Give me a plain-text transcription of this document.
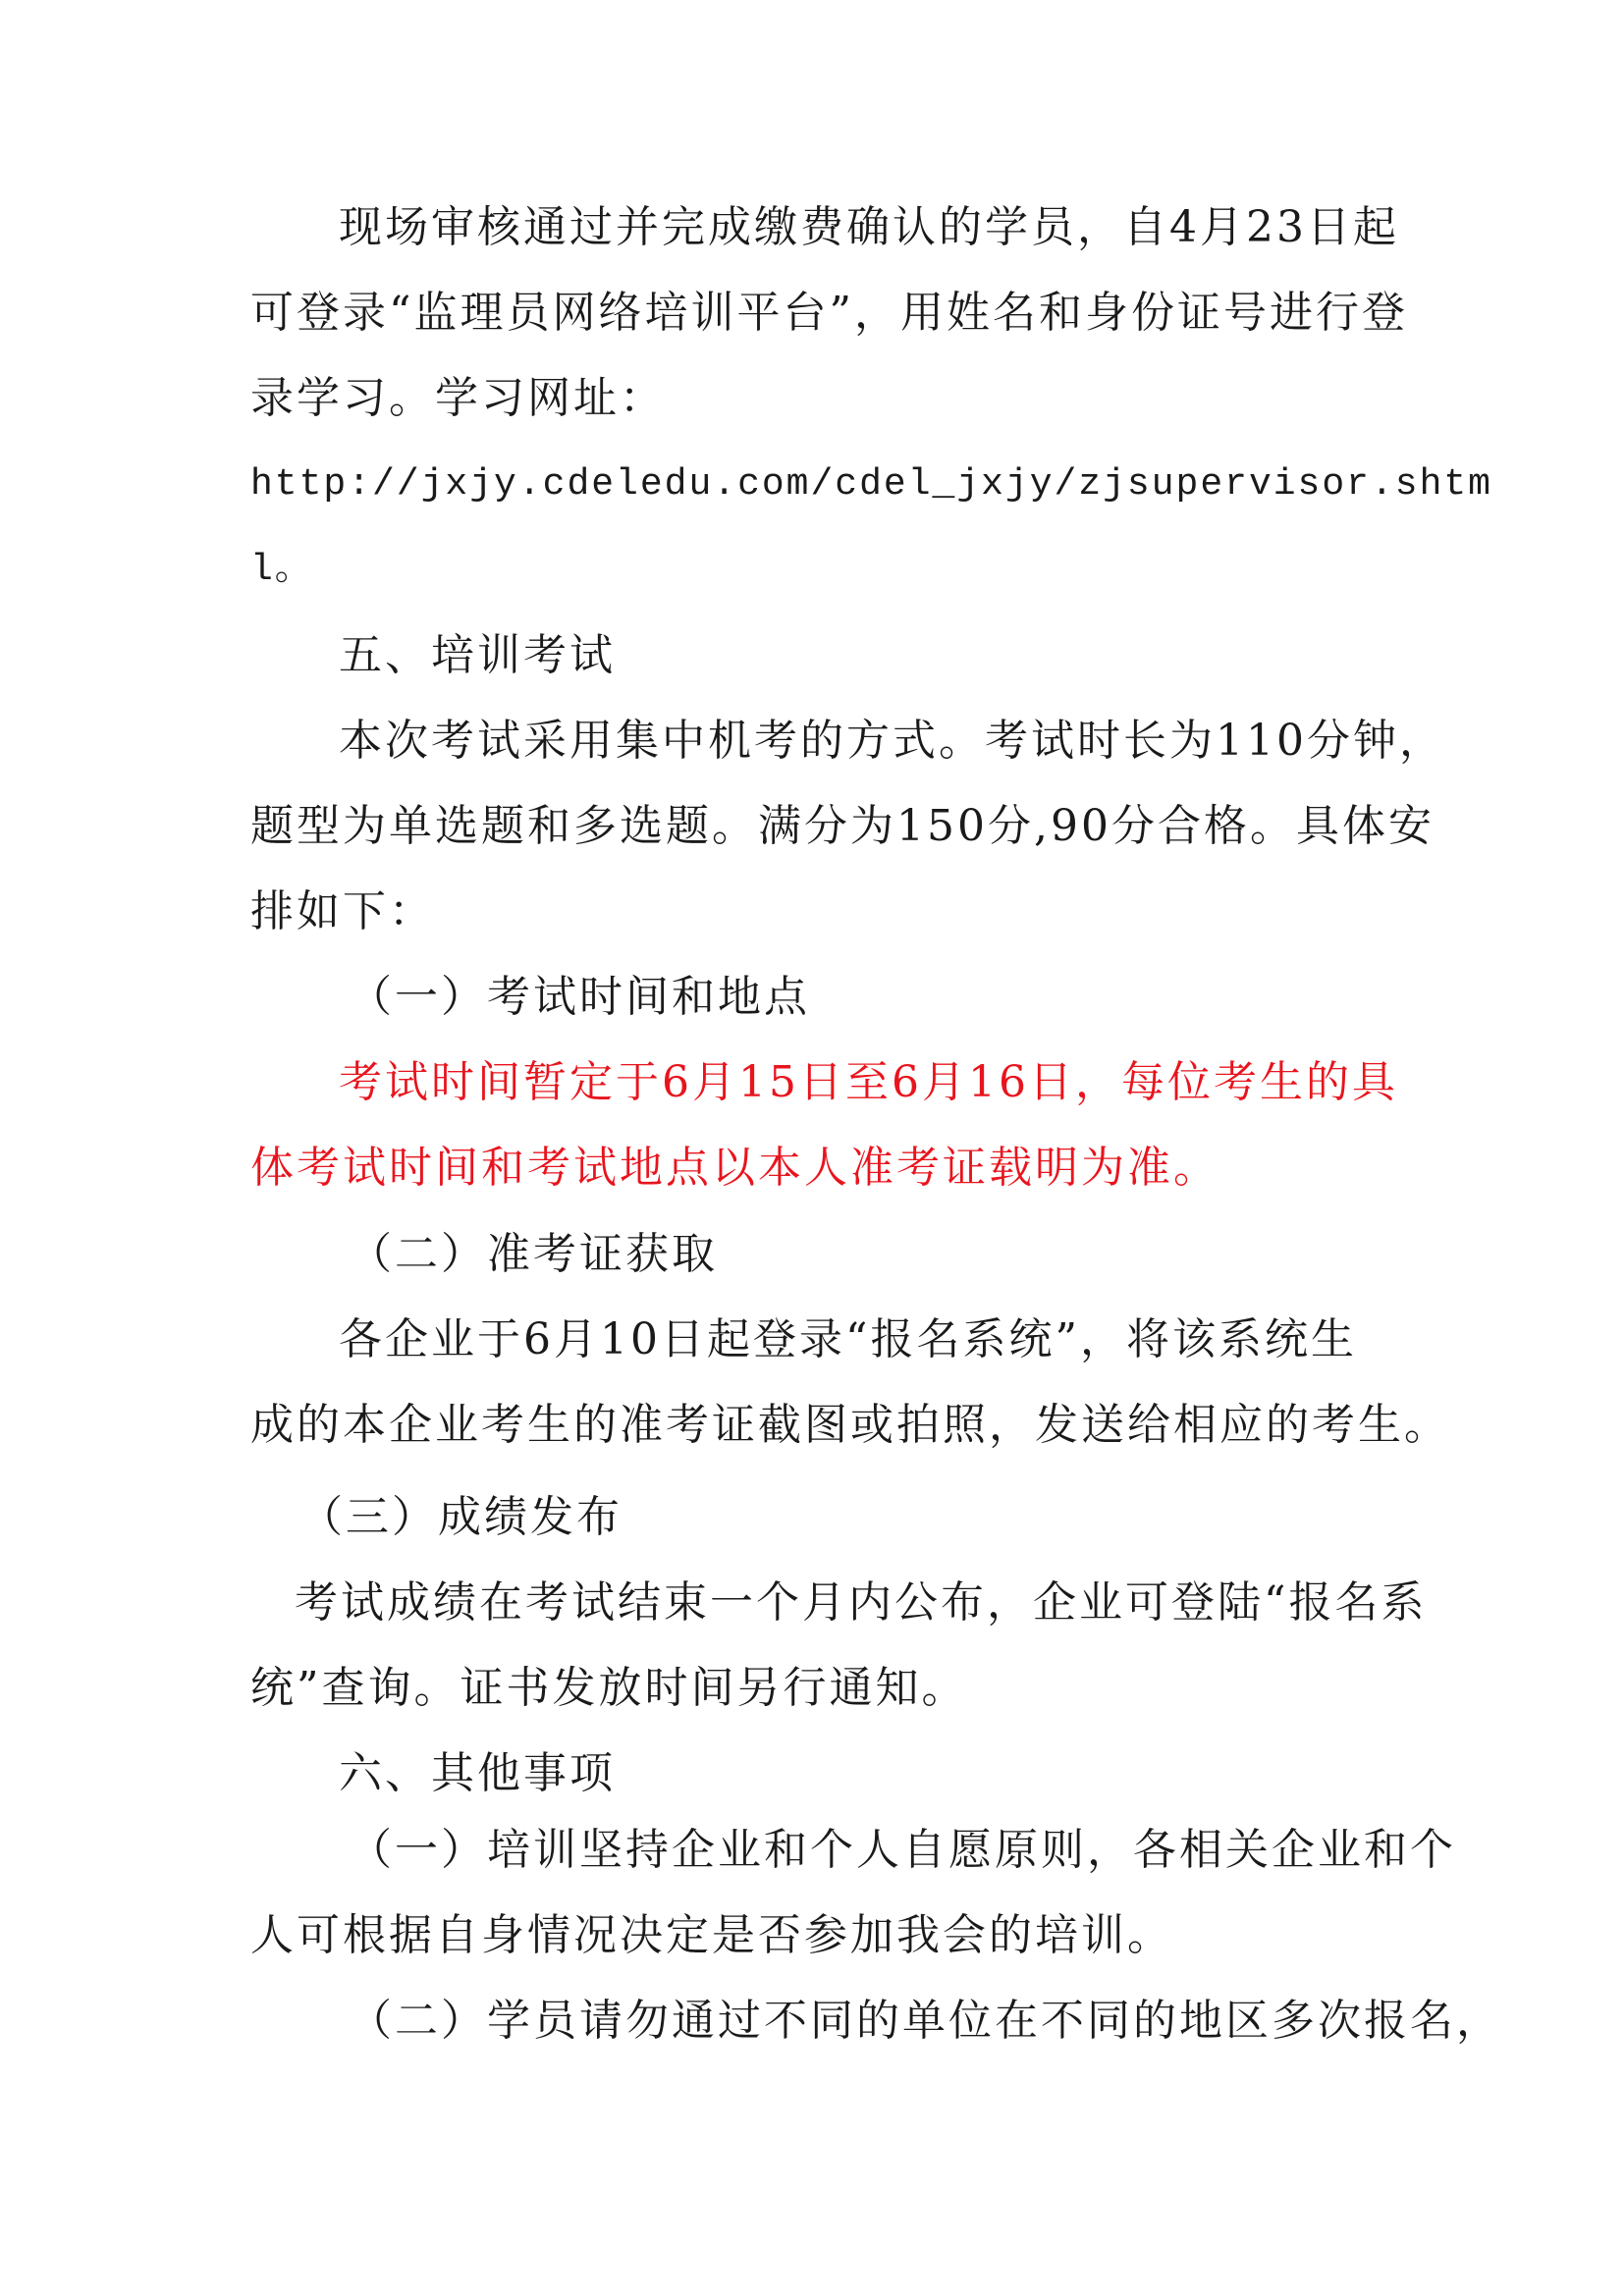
现场审核通过并完成缴费确认的学员，自4月23日起
可登录“监理员网络培训平台”，用姓名和身份证号进行登
录学习。学习网址：
http://jxjy.cdeledu.com/cdel_jxjy/zjsupervisor.shtm
l。
五、培训考试
本次考试采用集中机考的方式。考试时长为110分钟，
题型为单选题和多选题。满分为150分,90分合格。具体安
排如下：
（一）考试时间和地点
考试时间暂定于6月15日至6月16日，每位考生的具
体考试时间和考试地点以本人准考证载明为准。
（二）准考证获取
各企业于6月10日起登录“报名系统”，将该系统生
成的本企业考生的准考证截图或拍照，发送给相应的考生。
（三）成绩发布
考试成绩在考试结束一个月内公布，企业可登陆“报名系
统”查询。证书发放时间另行通知。
六、其他事项
（一）培训坚持企业和个人自愿原则，各相关企业和个
人可根据自身情况决定是否参加我会的培训。
（二）学员请勿通过不同的单位在不同的地区多次报名，
